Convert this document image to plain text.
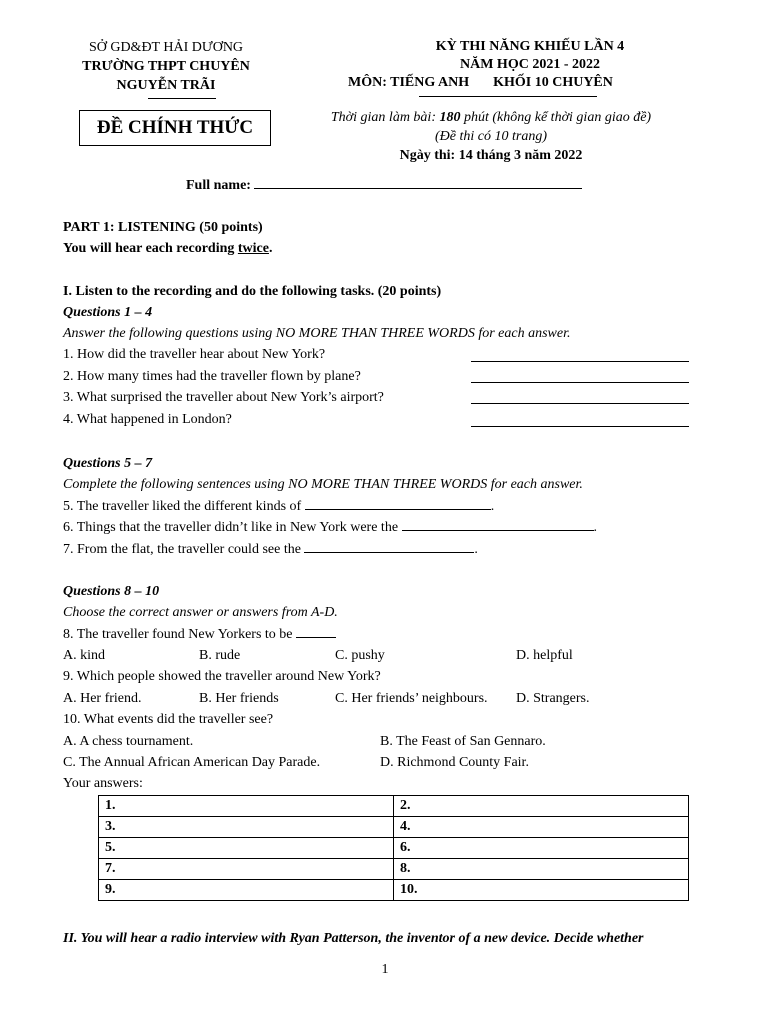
SỞ GD&ĐT HẢI DƯƠNG
TRƯỜNG THPT CHUYÊN
NGUYỄN TRÃI
ĐỀ CHÍNH THỨC
KỲ THI NĂNG KHIẾU LẦN 4
NĂM HỌC 2021 - 2022
MÔN: TIẾNG ANH KHỐI 10 CHUYÊN
Thời gian làm bài: 180 phút (không kể thời gian giao đề)
(Đề thi có 10 trang)
Ngày thi: 14 tháng 3 năm 2022
Full name:
PART 1: LISTENING (50 points)
You will hear each recording twice.
I. Listen to the recording and do the following tasks. (20 points)
Questions 1 – 4
Answer the following questions using NO MORE THAN THREE WORDS for each answer.
1. How did the traveller hear about New York?
2. How many times had the traveller flown by plane?
3. What surprised the traveller about New York’s airport?
4. What happened in London?
Questions 5 – 7
Complete the following sentences using NO MORE THAN THREE WORDS for each answer.
5. The traveller liked the different kinds of	.
6. Things that the traveller didn’t like in New York were the	.
7. From the flat, the traveller could see the	.
Questions 8 – 10
Choose the correct answer or answers from A-D.
8. The traveller found New Yorkers to be
A. kind	B. rude	C. pushy	D. helpful
9. Which people showed the traveller around New York?
A. Her friend.	B. Her friends	C. Her friends’ neighbours. D. Strangers.
10. What events did the traveller see?
A. A chess tournament.	B. The Feast of San Gennaro.
C. The Annual African American Day Parade.	D. Richmond County Fair.
Your answers:
1.	2.
3.	4.
5.	6.
7.	8.
9.	10.
II. You will hear a radio interview with Ryan Patterson, the inventor of a new device. Decide whether
1
